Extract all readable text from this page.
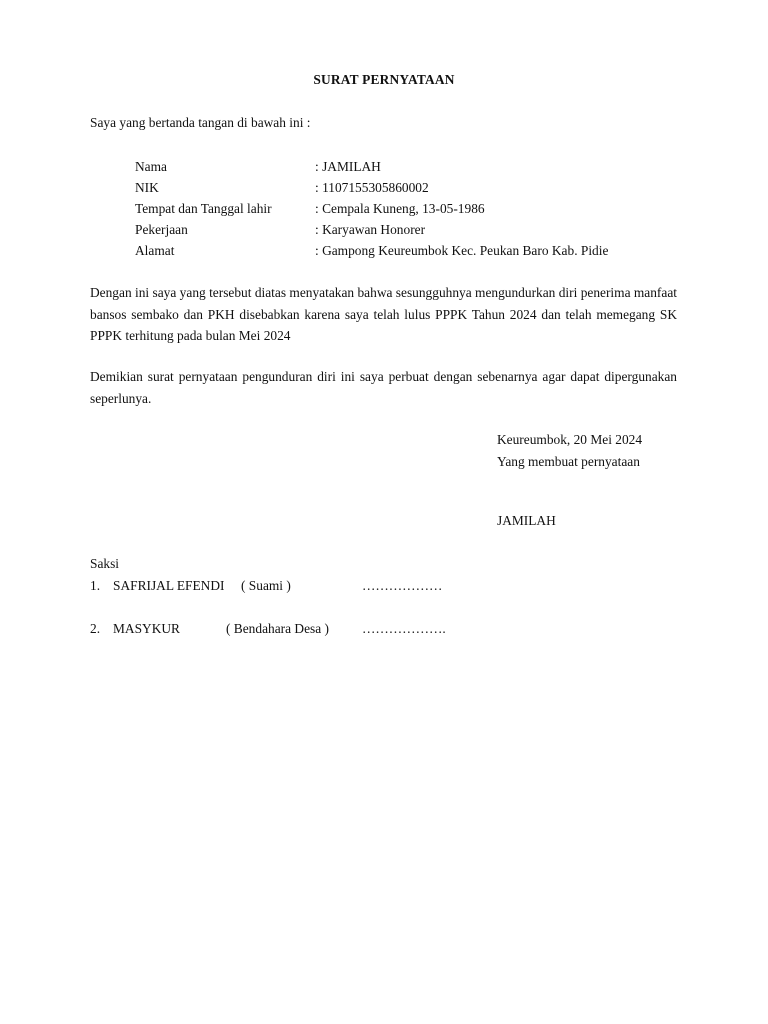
SURAT PERNYATAAN
Saya yang bertanda tangan di bawah ini :
Nama	: JAMILAH
NIK	: 1107155305860002
Tempat dan Tanggal lahir	: Cempala Kuneng, 13-05-1986
Pekerjaan	: Karyawan Honorer
Alamat	: Gampong Keureumbok Kec. Peukan Baro Kab. Pidie
Dengan ini saya yang tersebut diatas menyatakan bahwa sesungguhnya mengundurkan diri penerima manfaat bansos sembako dan PKH disebabkan karena saya telah lulus PPPK Tahun 2024 dan telah memegang SK PPPK terhitung pada bulan Mei 2024
Demikian surat pernyataan pengunduran diri ini saya perbuat dengan sebenarnya agar dapat dipergunakan seperlunya.
Keureumbok, 20 Mei 2024
Yang membuat pernyataan
JAMILAH
Saksi
1. SAFRIJAL EFENDI ( Suami )	………………
2. MASYKUR	( Bendahara Desa ) ……………….
